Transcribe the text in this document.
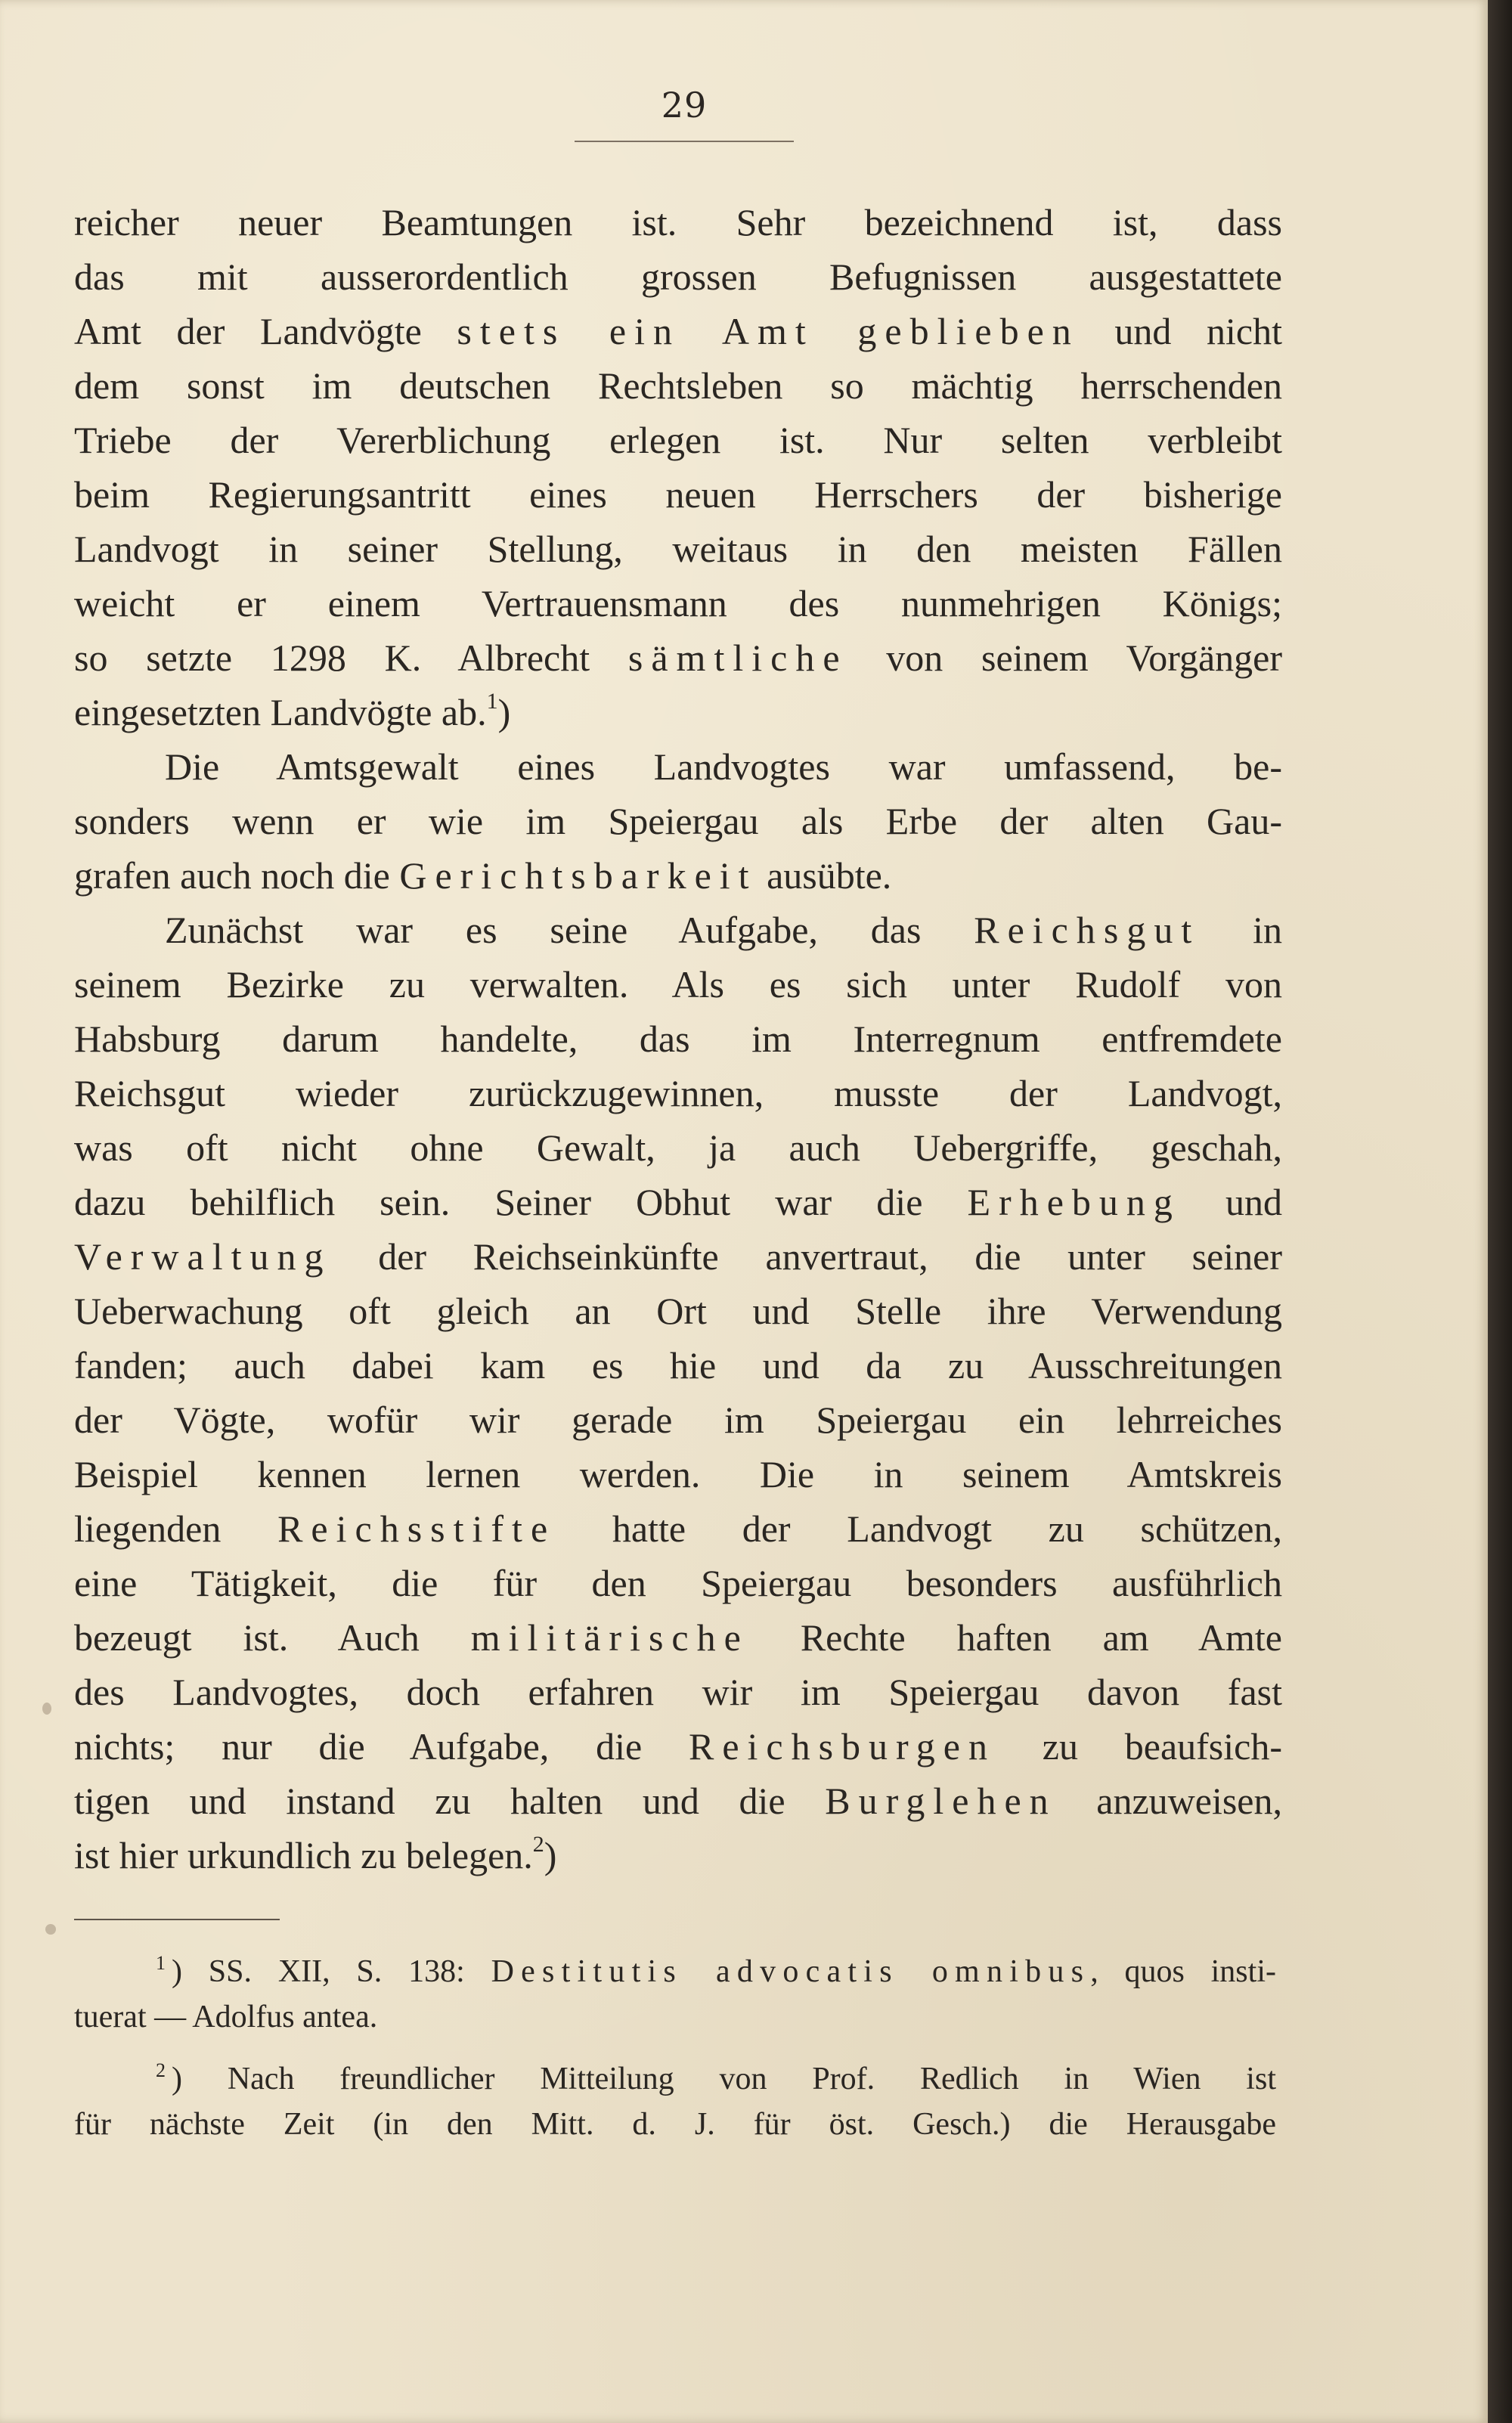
29
reicher neuer Beamtungen ist. Sehr bezeichnend ist, dass
das mit ausserordentlich grossen Befugnissen ausgestattete
Amt der Landvögte stets ein Amt geblieben und nicht
dem sonst im deutschen Rechtsleben so mächtig herrschenden
Triebe der Vererblichung erlegen ist. Nur selten verbleibt
beim Regierungsantritt eines neuen Herrschers der bisherige
Landvogt in seiner Stellung, weitaus in den meisten Fällen
weicht er einem Vertrauensmann des nunmehrigen Königs;
so setzte 1298 K. Albrecht sämtliche von seinem Vorgänger
eingesetzten Landvögte ab.$^1$)
Die Amtsgewalt eines Landvogtes war umfassend, be-
sonders wenn er wie im Speiergau als Erbe der alten Gau-
grafen auch noch die Gerichtsbarkeit ausübte.
Zunächst war es seine Aufgabe, das Reichsgut in
seinem Bezirke zu verwalten. Als es sich unter Rudolf von
Habsburg darum handelte, das im Interregnum entfremdete
Reichsgut wieder zurückzugewinnen, musste der Landvogt,
was oft nicht ohne Gewalt, ja auch Uebergriffe, geschah,
dazu behilflich sein. Seiner Obhut war die Erhebung und
Verwaltung der Reichseinkünfte anvertraut, die unter seiner
Ueberwachung oft gleich an Ort und Stelle ihre Verwendung
fanden; auch dabei kam es hie und da zu Ausschreitungen
der Vögte, wofür wir gerade im Speiergau ein lehrreiches
Beispiel kennen lernen werden. Die in seinem Amtskreis
liegenden Reichsstifte hatte der Landvogt zu schützen,
eine Tätigkeit, die für den Speiergau besonders ausführlich
bezeugt ist. Auch militärische Rechte haften am Amte
des Landvogtes, doch erfahren wir im Speiergau davon fast
nichts; nur die Aufgabe, die Reichsburgen zu beaufsich-
tigen und instand zu halten und die Burglehen anzuweisen,
ist hier urkundlich zu belegen.$^2$)
$^1$ ) SS. XII, S. 138: Destitutis advocatis omnibus, quos insti-
tuerat — Adolfus antea.
$^2$ ) Nach freundlicher Mitteilung von Prof. Redlich in Wien ist
für nächste Zeit (in den Mitt. d. J. für öst. Gesch.) die Herausgabe
